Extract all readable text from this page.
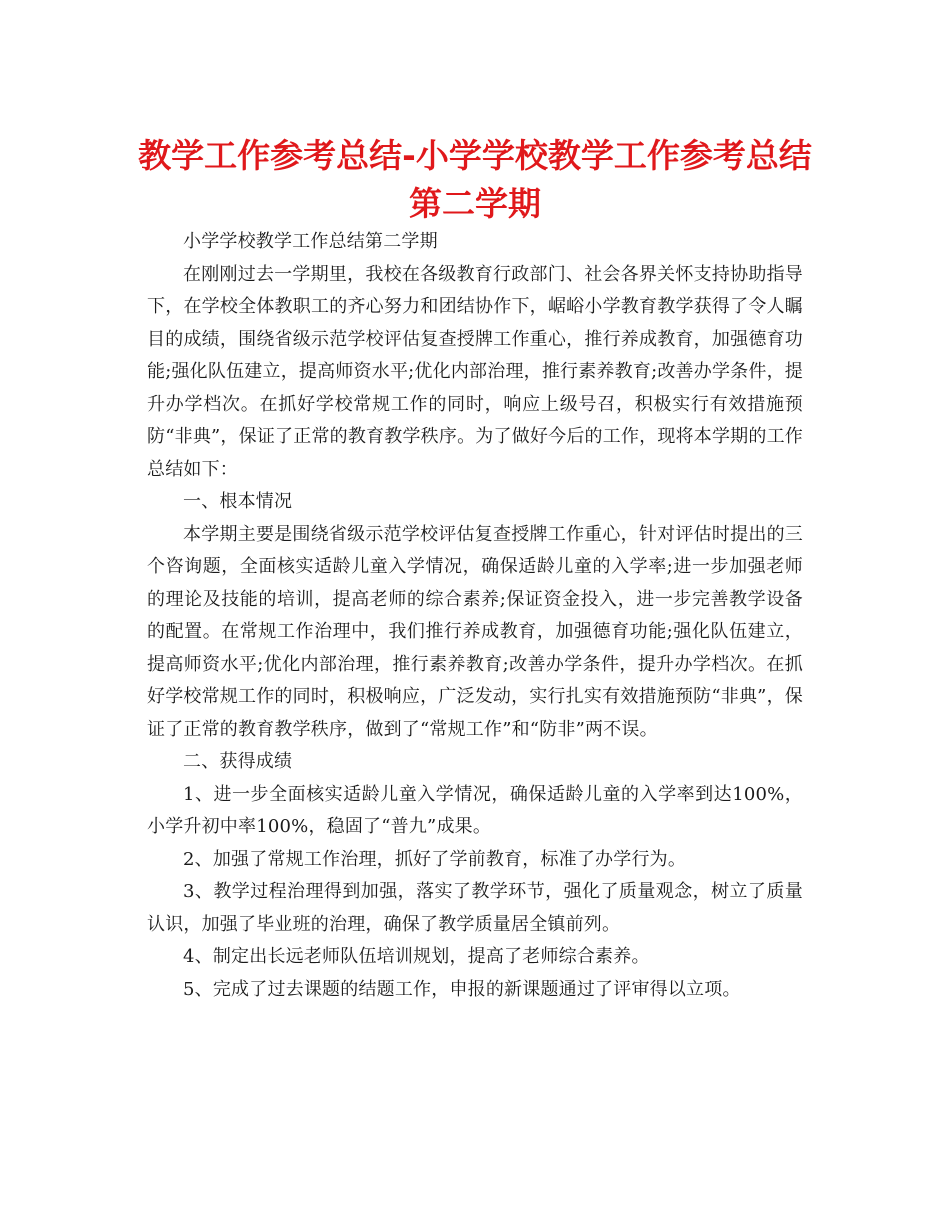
教学工作参考总结-小学学校教学工作参考总结
第二学期

小学学校教学工作总结第二学期

在刚刚过去一学期里，我校在各级教育行政部门、社会各界关怀支持协助指导下，在学校全体教职工的齐心努力和团结协作下，崌峪小学教育教学获得了令人瞩目的成绩，围绕省级示范学校评估复查授牌工作重心，推行养成教育，加强德育功能;强化队伍建立，提高师资水平;优化内部治理，推行素养教育;改善办学条件，提升办学档次。在抓好学校常规工作的同时，响应上级号召，积极实行有效措施预防“非典”，保证了正常的教育教学秩序。为了做好今后的工作，现将本学期的工作总结如下：

一、根本情况

本学期主要是围绕省级示范学校评估复查授牌工作重心，针对评估时提出的三个咨询题，全面核实适龄儿童入学情况，确保适龄儿童的入学率;进一步加强老师的理论及技能的培训，提高老师的综合素养;保证资金投入，进一步完善教学设备的配置。在常规工作治理中，我们推行养成教育，加强德育功能;强化队伍建立，提高师资水平;优化内部治理，推行素养教育;改善办学条件，提升办学档次。在抓好学校常规工作的同时，积极响应，广泛发动，实行扎实有效措施预防“非典”，保证了正常的教育教学秩序，做到了“常规工作”和“防非”两不误。

二、获得成绩

1、进一步全面核实适龄儿童入学情况，确保适龄儿童的入学率到达100%，小学升初中率100%，稳固了“普九”成果。

2、加强了常规工作治理，抓好了学前教育，标准了办学行为。

3、教学过程治理得到加强，落实了教学环节，强化了质量观念，树立了质量认识，加强了毕业班的治理，确保了教学质量居全镇前列。

4、制定出长远老师队伍培训规划，提高了老师综合素养。

5、完成了过去课题的结题工作，申报的新课题通过了评审得以立项。
